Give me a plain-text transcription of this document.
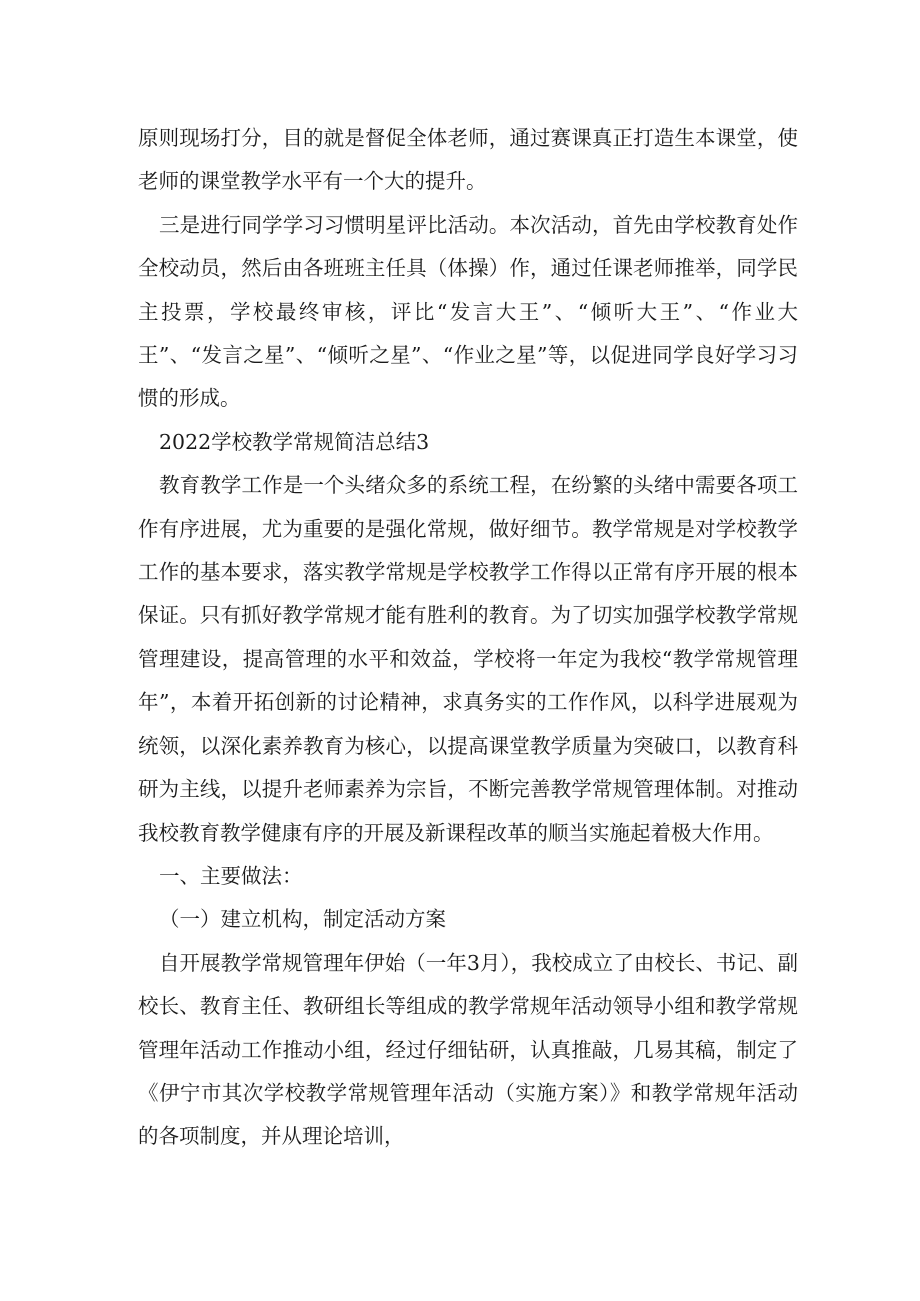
原则现场打分，目的就是督促全体老师，通过赛课真正打造生本课堂，使老师的课堂教学水平有一个大的提升。

三是进行同学学习习惯明星评比活动。本次活动，首先由学校教育处作全校动员，然后由各班班主任具（体操）作，通过任课老师推举，同学民主投票，学校最终审核，评比“发言大王”、“倾听大王”、“作业大王”、“发言之星”、“倾听之星”、“作业之星”等，以促进同学良好学习习惯的形成。

2022学校教学常规简洁总结3

教育教学工作是一个头绪众多的系统工程，在纷繁的头绪中需要各项工作有序进展，尤为重要的是强化常规，做好细节。教学常规是对学校教学工作的基本要求，落实教学常规是学校教学工作得以正常有序开展的根本保证。只有抓好教学常规才能有胜利的教育。为了切实加强学校教学常规管理建设，提高管理的水平和效益，学校将一年定为我校“教学常规管理年”，本着开拓创新的讨论精神，求真务实的工作作风，以科学进展观为统领，以深化素养教育为核心，以提高课堂教学质量为突破口，以教育科研为主线，以提升老师素养为宗旨，不断完善教学常规管理体制。对推动我校教育教学健康有序的开展及新课程改革的顺当实施起着极大作用。

一、主要做法：

（一）建立机构，制定活动方案

自开展教学常规管理年伊始（一年3月），我校成立了由校长、书记、副校长、教育主任、教研组长等组成的教学常规年活动领导小组和教学常规管理年活动工作推动小组，经过仔细钻研，认真推敲，几易其稿，制定了《伊宁市其次学校教学常规管理年活动（实施方案）》和教学常规年活动的各项制度，并从理论培训，
